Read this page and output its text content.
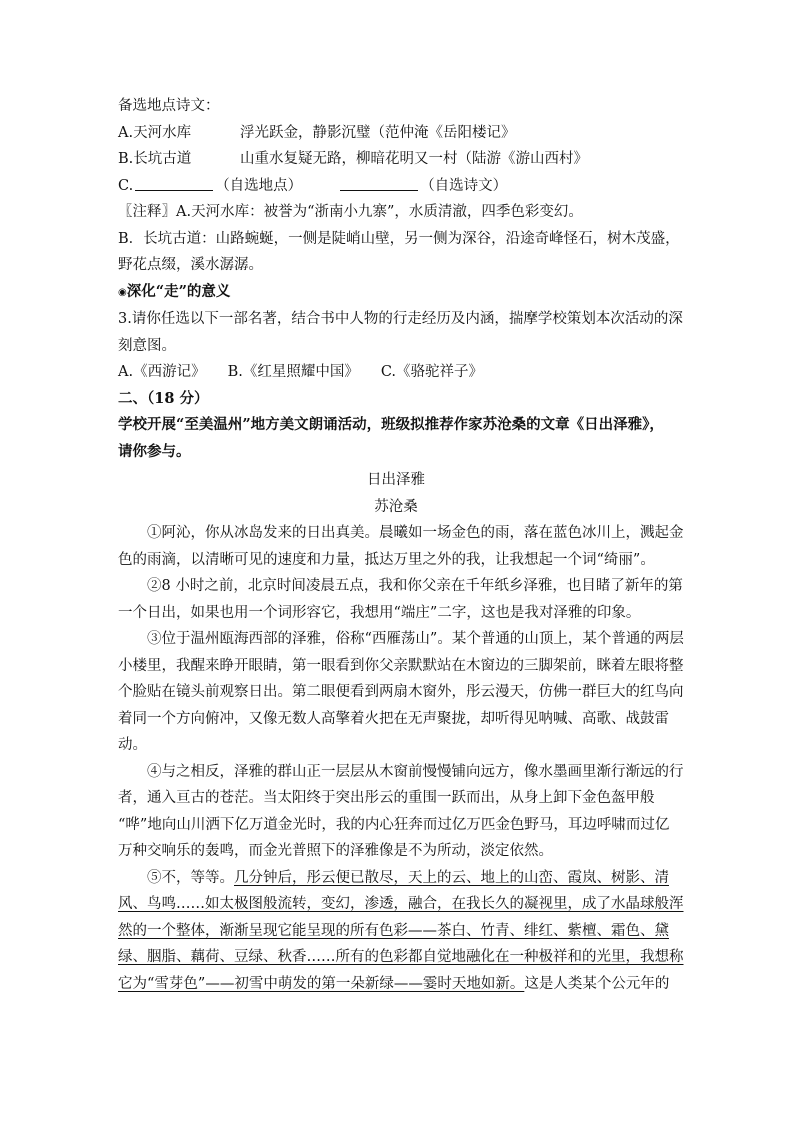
备选地点诗文：
A.天河水库	浮光跃金，静影沉璧（范仲淹《岳阳楼记》
B.长坑古道	山重水复疑无路，柳暗花明又一村（陆游《游山西村》
C.	（自选地点）	（自选诗文）
〖注释〗A.天河水库：被誉为“浙南小九寨”，水质清澈，四季色彩变幻。
B．长坑古道：山路蜿蜒，一侧是陡峭山壁，另一侧为深谷，沿途奇峰怪石，树木茂盛，
野花点缀，溪水潺潺。
◉深化“走”的意义
3.请你任选以下一部名著，结合书中人物的行走经历及内涵，揣摩学校策划本次活动的深
刻意图。
A.《西游记》 B.《红星照耀中国》 C.《骆驼祥子》
二、（18 分）
学校开展“至美温州”地方美文朗诵活动，班级拟推荐作家苏沧桑的文章《日出泽雅》，
请你参与。
日出泽雅
苏沧桑
①阿沁，你从冰岛发来的日出真美。晨曦如一场金色的雨，落在蓝色冰川上，溅起金
色的雨滴，以清晰可见的速度和力量，抵达万里之外的我，让我想起一个词“绮丽”。
②8 小时之前，北京时间凌晨五点，我和你父亲在千年纸乡泽雅，也目睹了新年的第
一个日出，如果也用一个词形容它，我想用“端庄”二字，这也是我对泽雅的印象。
③位于温州瓯海西部的泽雅，俗称“西雁荡山”。某个普通的山顶上，某个普通的两层
小楼里，我醒来睁开眼睛，第一眼看到你父亲默默站在木窗边的三脚架前，眯着左眼将整
个脸贴在镜头前观察日出。第二眼便看到两扇木窗外，彤云漫天，仿佛一群巨大的红鸟向
着同一个方向俯冲，又像无数人高擎着火把在无声聚拢，却听得见呐喊、高歌、战鼓雷
动。
④与之相反，泽雅的群山正一层层从木窗前慢慢铺向远方，像水墨画里渐行渐远的行
者，通入亘古的苍茫。当太阳终于突出彤云的重围一跃而出，从身上卸下金色盔甲般
“哗”地向山川洒下亿万道金光时，我的内心狂奔而过亿万匹金色野马，耳边呼啸而过亿
万种交响乐的轰鸣，而金光普照下的泽雅像是不为所动，淡定依然。
⑤不，等等。几分钟后，彤云便已散尽，天上的云、地上的山峦、霞岚、树影、清
风、鸟鸣……如太极图般流转，变幻，渗透，融合，在我长久的凝视里，成了水晶球般浑
然的一个整体，渐渐呈现它能呈现的所有色彩——茶白、竹青、绯红、紫檀、霜色、黛
绿、胭脂、藕荷、豆绿、秋香……所有的色彩都自觉地融化在一种极祥和的光里，我想称
它为“雪芽色”——初雪中萌发的第一朵新绿——霎时天地如新。这是人类某个公元年的
